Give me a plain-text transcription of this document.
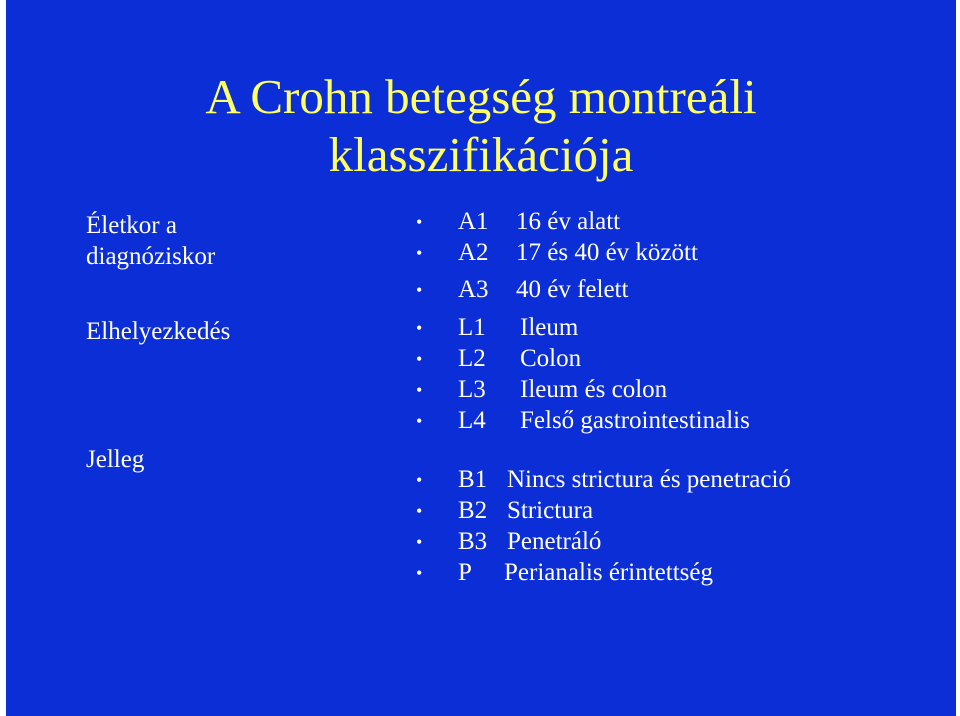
A Crohn betegség montreáli
klasszifikációja
Életkor a
diagnóziskor
Elhelyezkedés
Jelleg
• A1 16 év alatt
• A2 17 és 40 év között
• A3 40 év felett
• L1 Ileum
• L2 Colon
• L3 Ileum és colon
• L4 Felső gastrointestinalis
• B1 Nincs strictura és penetració
• B2 Strictura
• B3 Penetráló
• P Perianalis érintettség
